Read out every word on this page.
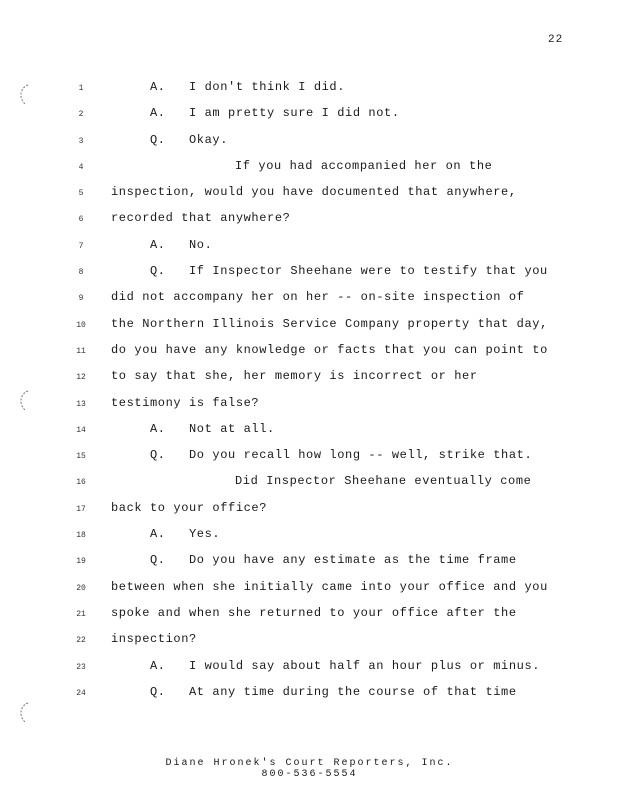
22
1	A.   I don't think I did.
2	A.   I am pretty sure I did not.
3	Q.   Okay.
4	If you had accompanied her on the
5	inspection, would you have documented that anywhere,
6	recorded that anywhere?
7	A.   No.
8	Q.   If Inspector Sheehane were to testify that you
9	did not accompany her on her -- on-site inspection of
10	the Northern Illinois Service Company property that day,
11	do you have any knowledge or facts that you can point to
12	to say that she, her memory is incorrect or her
13	testimony is false?
14	A.   Not at all.
15	Q.   Do you recall how long -- well, strike that.
16	Did Inspector Sheehane eventually come
17	back to your office?
18	A.   Yes.
19	Q.   Do you have any estimate as the time frame
20	between when she initially came into your office and you
21	spoke and when she returned to your office after the
22	inspection?
23	A.   I would say about half an hour plus or minus.
24	Q.   At any time during the course of that time
Diane Hronek's Court Reporters, Inc.
800-536-5554
